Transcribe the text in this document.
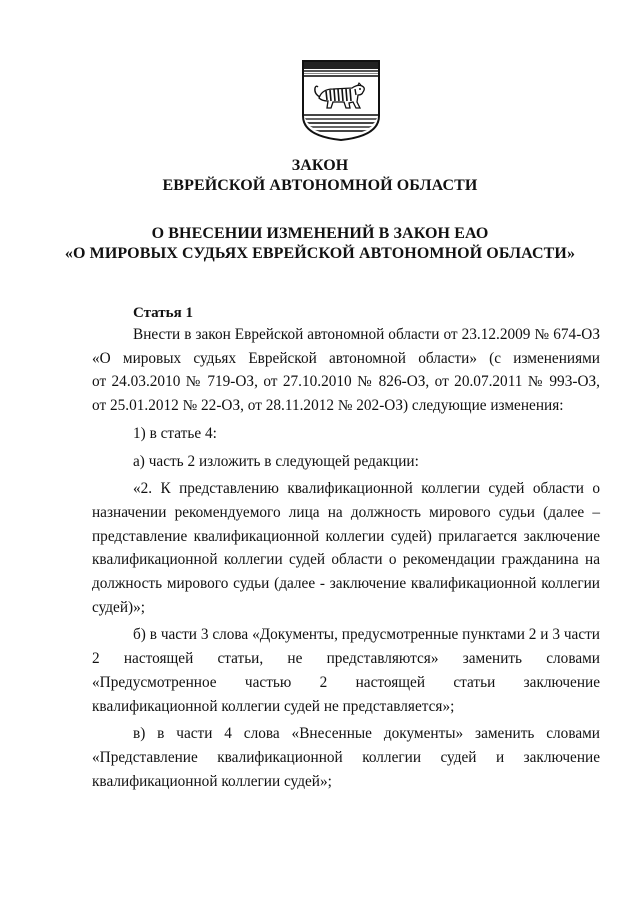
ЗАКОН
ЕВРЕЙСКОЙ АВТОНОМНОЙ ОБЛАСТИ
О ВНЕСЕНИИ ИЗМЕНЕНИЙ В ЗАКОН ЕАО
«О МИРОВЫХ СУДЬЯХ ЕВРЕЙСКОЙ АВТОНОМНОЙ ОБЛАСТИ»
Статья 1
Внести в закон Еврейской автономной области от 23.12.2009 № 674-ОЗ
«О мировых судьях Еврейской автономной области» (с изменениями
от 24.03.2010 № 719-ОЗ, от 27.10.2010 № 826-ОЗ, от 20.07.2011 № 993-ОЗ,
от 25.01.2012 № 22-ОЗ, от 28.11.2012 № 202-ОЗ) следующие изменения:
1) в статье 4:
а) часть 2 изложить в следующей редакции:
«2. К представлению квалификационной коллегии судей области о
назначении рекомендуемого лица на должность мирового судьи (далее –
представление квалификационной коллегии судей) прилагается заключение
квалификационной коллегии судей области о рекомендации гражданина на
должность мирового судьи (далее - заключение квалификационной коллегии
судей)»;
б) в части 3 слова «Документы, предусмотренные пунктами 2 и 3 части
2 настоящей статьи, не представляются» заменить словами
«Предусмотренное частью 2 настоящей статьи заключение
квалификационной коллегии судей не представляется»;
в) в части 4 слова «Внесенные документы» заменить словами
«Представление квалификационной коллегии судей и заключение
квалификационной коллегии судей»;
